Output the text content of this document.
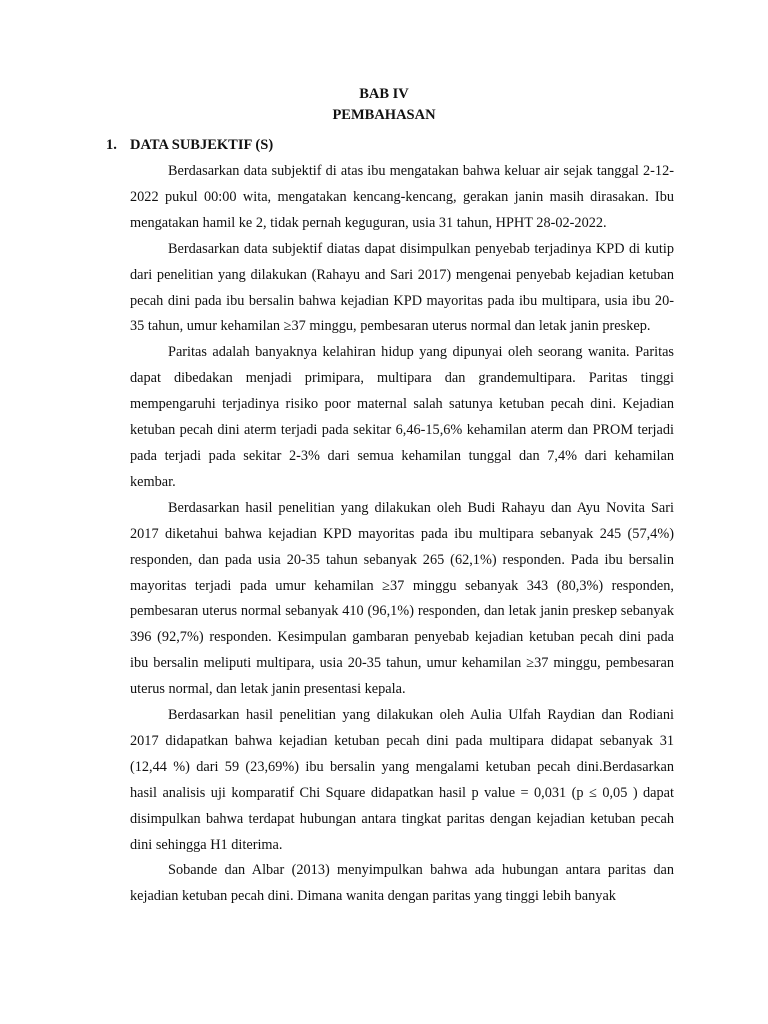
BAB IV
PEMBAHASAN
1. DATA SUBJEKTIF (S)

Berdasarkan data subjektif di atas ibu mengatakan bahwa keluar air sejak tanggal 2-12-2022 pukul 00:00 wita, mengatakan kencang-kencang, gerakan janin masih dirasakan. Ibu mengatakan hamil ke 2, tidak pernah keguguran, usia 31 tahun, HPHT 28-02-2022.

Berdasarkan data subjektif diatas dapat disimpulkan penyebab terjadinya KPD di kutip dari penelitian yang dilakukan (Rahayu and Sari 2017) mengenai penyebab kejadian ketuban pecah dini pada ibu bersalin bahwa kejadian KPD mayoritas pada ibu multipara, usia ibu 20-35 tahun, umur kehamilan ≥37 minggu, pembesaran uterus normal dan letak janin preskep.

Paritas adalah banyaknya kelahiran hidup yang dipunyai oleh seorang wanita. Paritas dapat dibedakan menjadi primipara, multipara dan grandemultipara. Paritas tinggi mempengaruhi terjadinya risiko poor maternal salah satunya ketuban pecah dini. Kejadian ketuban pecah dini aterm terjadi pada sekitar 6,46-15,6% kehamilan aterm dan PROM terjadi pada terjadi pada sekitar 2-3% dari semua kehamilan tunggal dan 7,4% dari kehamilan kembar.

Berdasarkan hasil penelitian yang dilakukan oleh Budi Rahayu dan Ayu Novita Sari 2017 diketahui bahwa kejadian KPD mayoritas pada ibu multipara sebanyak 245 (57,4%) responden, dan pada usia 20-35 tahun sebanyak 265 (62,1%) responden. Pada ibu bersalin mayoritas terjadi pada umur kehamilan ≥37 minggu sebanyak 343 (80,3%) responden, pembesaran uterus normal sebanyak 410 (96,1%) responden, dan letak janin preskep sebanyak 396 (92,7%) responden. Kesimpulan gambaran penyebab kejadian ketuban pecah dini pada ibu bersalin meliputi multipara, usia 20-35 tahun, umur kehamilan ≥37 minggu, pembesaran uterus normal, dan letak janin presentasi kepala.

Berdasarkan hasil penelitian yang dilakukan oleh Aulia Ulfah Raydian dan Rodiani 2017 didapatkan bahwa kejadian ketuban pecah dini pada multipara didapat sebanyak 31 (12,44 %) dari 59 (23,69%) ibu bersalin yang mengalami ketuban pecah dini.Berdasarkan hasil analisis uji komparatif Chi Square didapatkan hasil p value = 0,031 (p ≤ 0,05 ) dapat disimpulkan bahwa terdapat hubungan antara tingkat paritas dengan kejadian ketuban pecah dini sehingga H1 diterima.

Sobande dan Albar (2013) menyimpulkan bahwa ada hubungan antara paritas dan kejadian ketuban pecah dini. Dimana wanita dengan paritas yang tinggi lebih banyak
